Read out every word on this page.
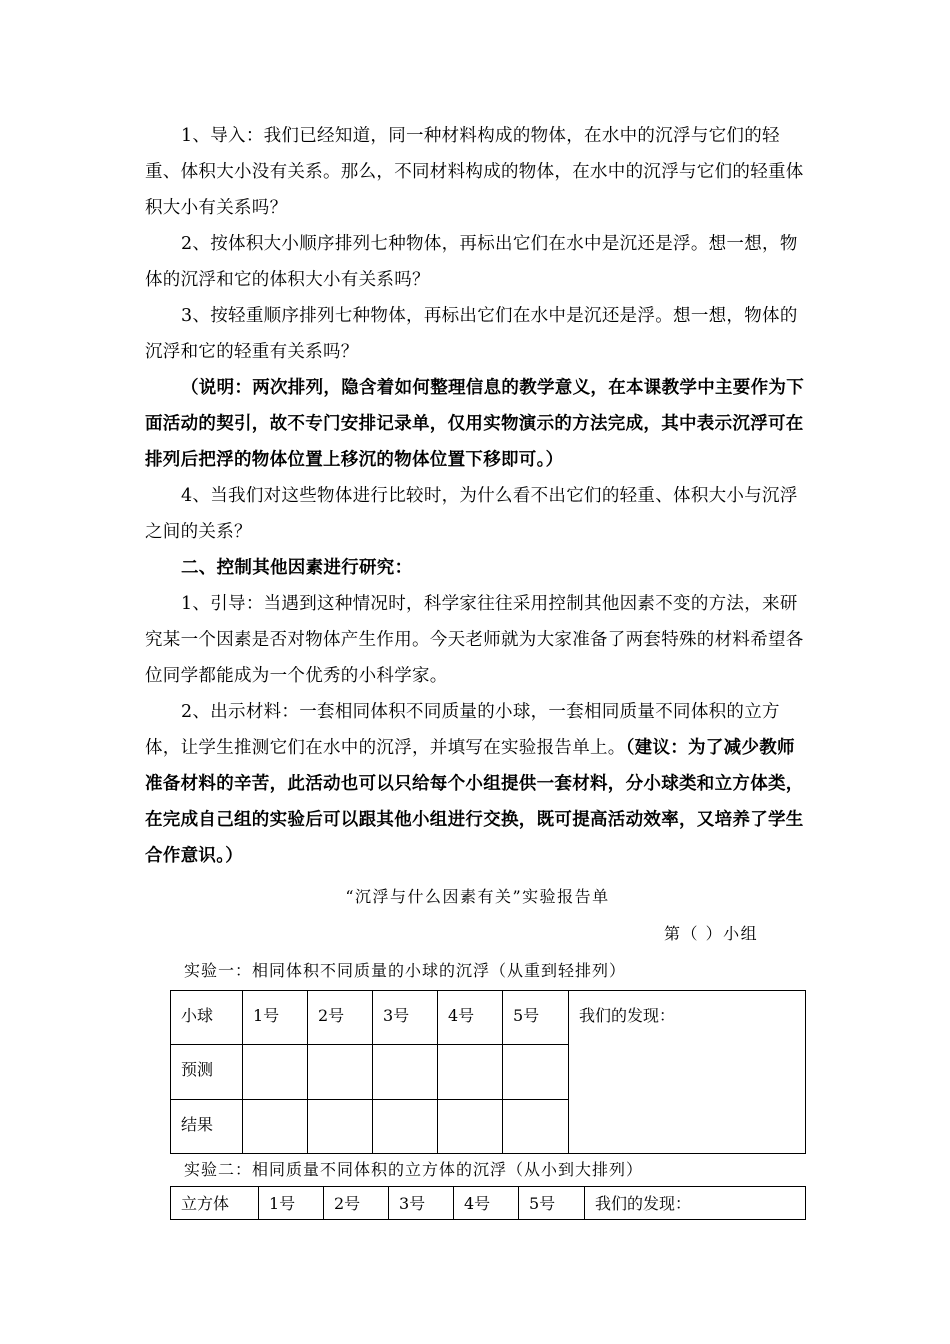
1、导入：我们已经知道，同一种材料构成的物体，在水中的沉浮与它们的轻重、体积大小没有关系。那么，不同材料构成的物体，在水中的沉浮与它们的轻重体积大小有关系吗？

2、按体积大小顺序排列七种物体，再标出它们在水中是沉还是浮。想一想，物体的沉浮和它的体积大小有关系吗？

3、按轻重顺序排列七种物体，再标出它们在水中是沉还是浮。想一想，物体的沉浮和它的轻重有关系吗？

（说明：两次排列，隐含着如何整理信息的教学意义，在本课教学中主要作为下面活动的契引，故不专门安排记录单，仅用实物演示的方法完成，其中表示沉浮可在排列后把浮的物体位置上移沉的物体位置下移即可。）

4、当我们对这些物体进行比较时，为什么看不出它们的轻重、体积大小与沉浮之间的关系？

二、控制其他因素进行研究：

1、引导：当遇到这种情况时，科学家往往采用控制其他因素不变的方法，来研究某一个因素是否对物体产生作用。今天老师就为大家准备了两套特殊的材料希望各位同学都能成为一个优秀的小科学家。

2、出示材料：一套相同体积不同质量的小球，一套相同质量不同体积的立方体，让学生推测它们在水中的沉浮，并填写在实验报告单上。（建议：为了减少教师准备材料的辛苦，此活动也可以只给每个小组提供一套材料，分小球类和立方体类，在完成自己组的实验后可以跟其他小组进行交换，既可提高活动效率，又培养了学生合作意识。）

“沉浮与什么因素有关”实验报告单
第（ ）小组
实验一：相同体积不同质量的小球的沉浮（从重到轻排列）
小球	1号	2号	3号	4号	5号	我们的发现：
预测						
结果						
实验二：相同质量不同体积的立方体的沉浮（从小到大排列）
立方体	1号	2号	3号	4号	5号	我们的发现：
